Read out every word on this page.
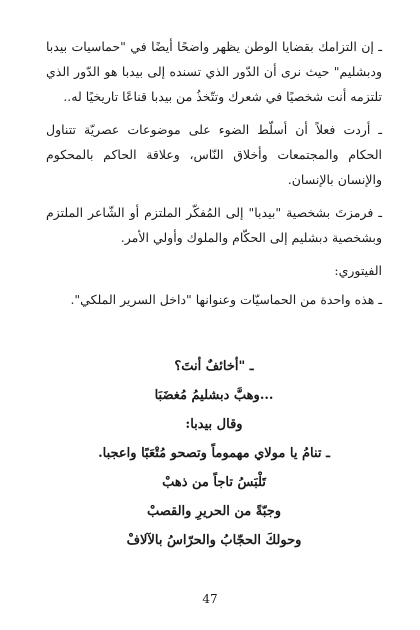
ـ إن التزامك بقضايا الوطن يظهر واضحًا أيضًا في "حماسيات بيدبا ودبشليم" حيث نرى أن الدّور الذي تسنده إلى بيدبا هو الدّور الذي تلتزمه أنت شخصيًا في شعرك وتتّخذُ من بيدبا قناعًا تاريخيًا له..

ـ أردت فعلاً أن أسلّط الضوء على موضوعات عصريّة تتناول الحكام والمجتمعات وأخلاق النّاس، وعلاقة الحاكم بالمحكوم والإنسان بالإنسان.

ـ فرمزتَ بشخصية "بيدبا" إلى المُفكّر الملتزم أو الشّاعر الملتزم وبشخصية دبشليم إلى الحكّام والملوك وأولي الأمر.

الفيتوري:

ـ هذه واحدة من الحماسيّات وعنوانها "داخل السرير الملكي".

ـ "أخائفٌ أنتَ؟

...وهبَّ دبشليمُ مُغضَبَا

وقال بيدبا:

ـ تنامُ يا مولاي مهموماً وتصحو مُتْعَبًا واعجبا.

تَلْبَسُ تاجاً من ذهبْ

وجبّةً من الحريرِ والقصبْ

وحولكَ الحجّابُ والحرّاسُ بالآلافْ

47
